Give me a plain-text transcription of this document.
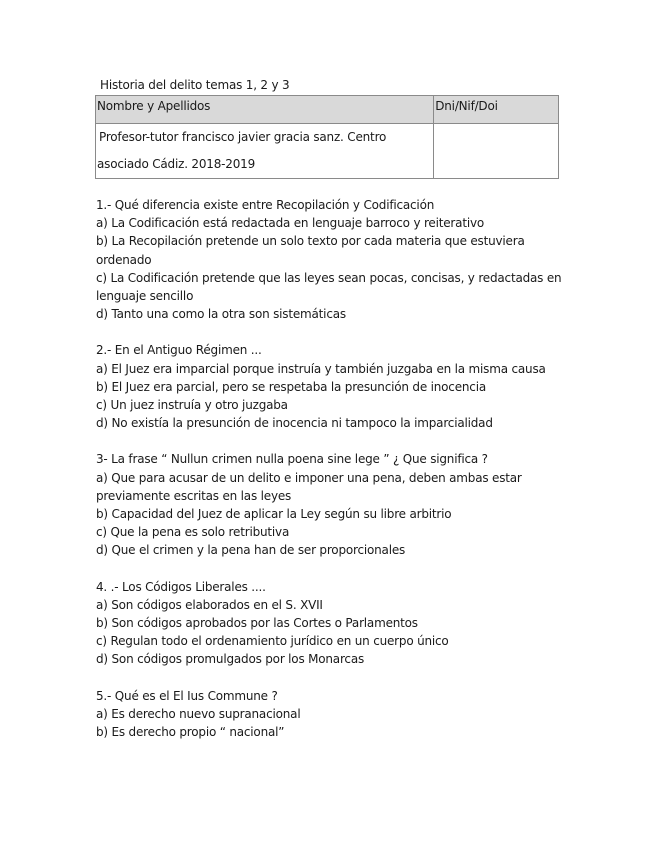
Historia del delito temas 1, 2 y 3
Nombre y Apellidos	Dni/Nif/Doi

Profesor-tutor francisco javier gracia sanz. Centro
asociado Cádiz. 2018-2019	

1.- Qué diferencia existe entre Recopilación y Codificación
a) La Codificación está redactada en lenguaje barroco y reiterativo
b) La Recopilación pretende un solo texto por cada materia que estuviera ordenado
c) La Codificación pretende que las leyes sean pocas, concisas, y redactadas en lenguaje sencillo
d) Tanto una como la otra son sistemáticas
2.- En el Antiguo Régimen ...
a) El Juez era imparcial porque instruía y también juzgaba en la misma causa
b) El Juez era parcial, pero se respetaba la presunción de inocencia
c) Un juez instruía y otro juzgaba
d) No existía la presunción de inocencia ni tampoco la imparcialidad
3- La frase “ Nullun crimen nulla poena sine lege ” ¿ Que significa ?
a) Que para acusar de un delito e imponer una pena, deben ambas estar previamente escritas en las leyes
b) Capacidad del Juez de aplicar la Ley según su libre arbitrio
c) Que la pena es solo retributiva
d) Que el crimen y la pena han de ser proporcionales
4. .- Los Códigos Liberales ....
a) Son códigos elaborados en el S. XVII
b) Son códigos aprobados por las Cortes o Parlamentos
c) Regulan todo el ordenamiento jurídico en un cuerpo único
d) Son códigos promulgados por los Monarcas
5.- Qué es el El Ius Commune ?
a) Es derecho nuevo supranacional
b) Es derecho propio “ nacional”
